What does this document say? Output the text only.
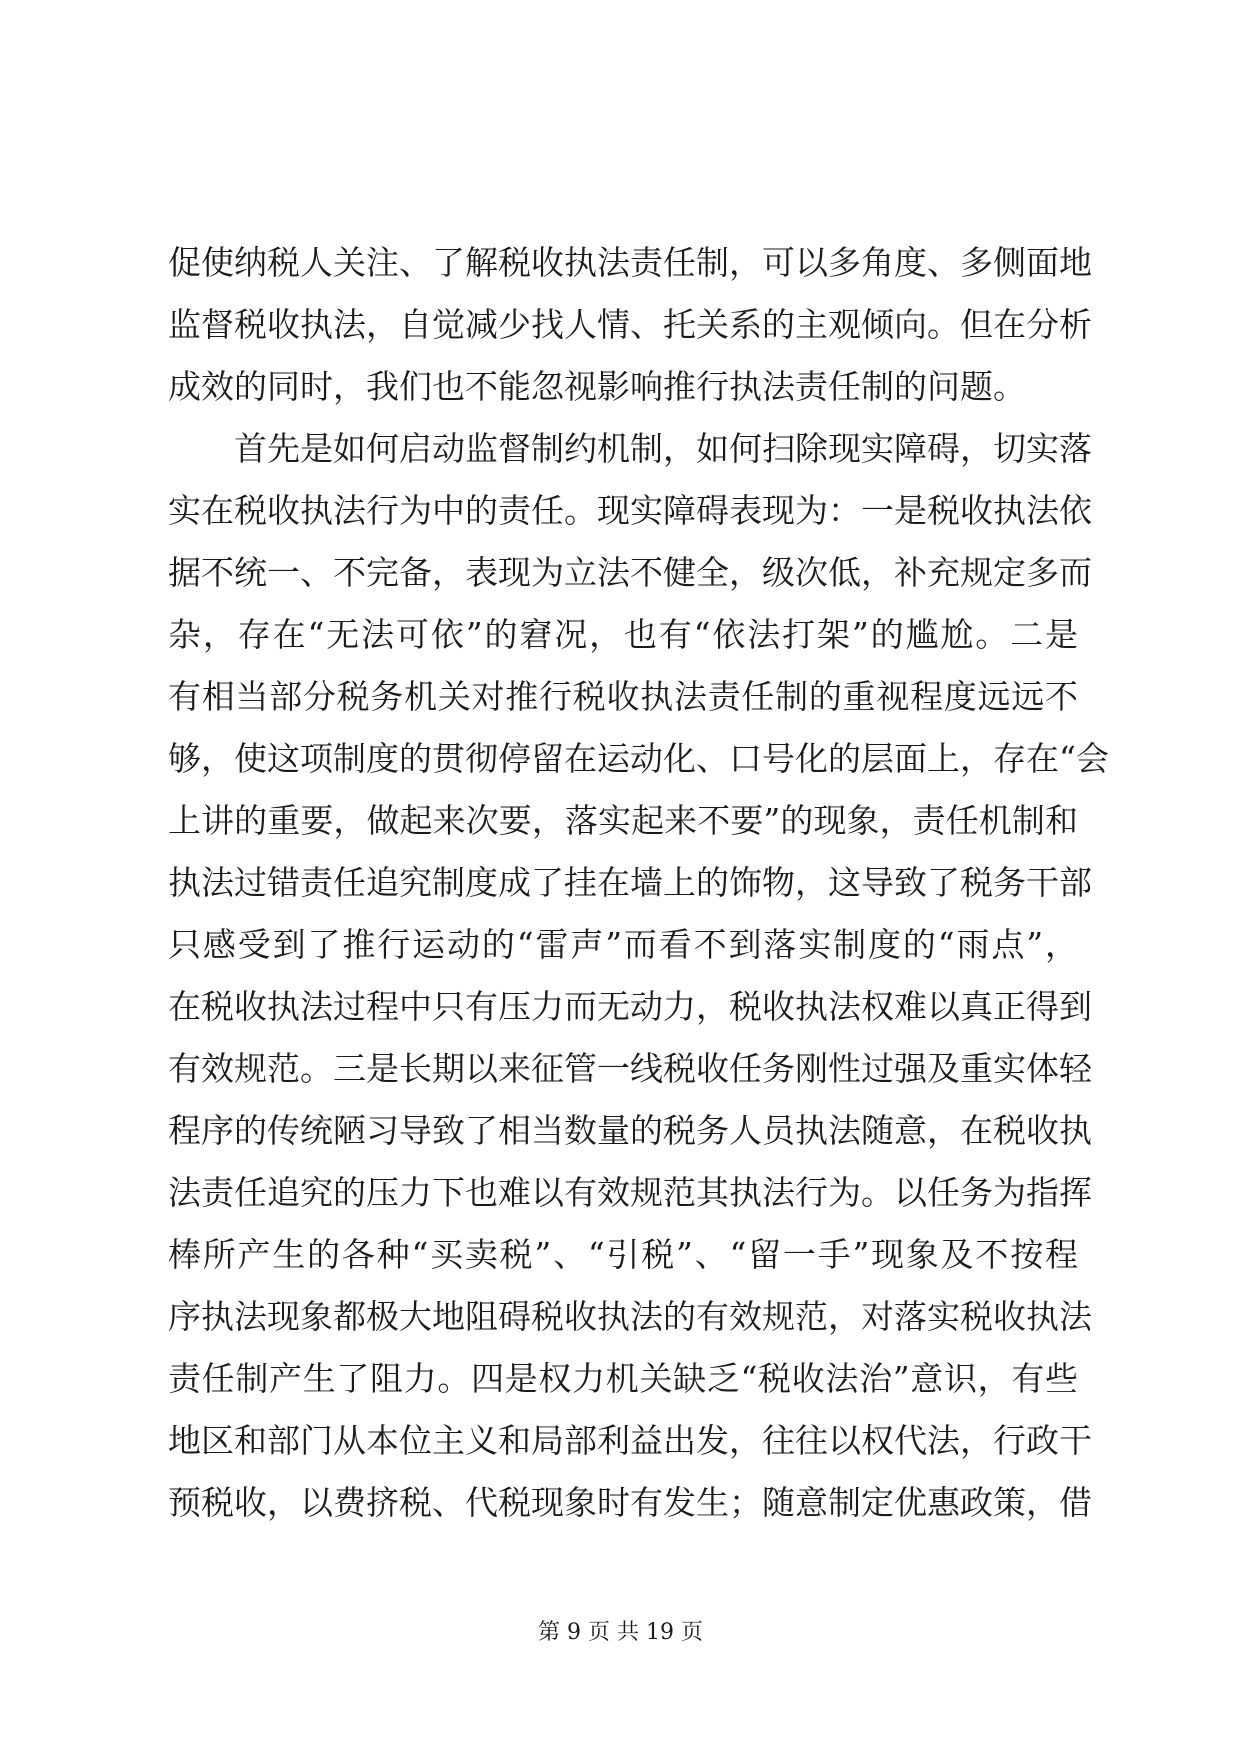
促使纳税人关注、了解税收执法责任制，可以多角度、多侧面地
监督税收执法，自觉减少找人情、托关系的主观倾向。但在分析
成效的同时，我们也不能忽视影响推行执法责任制的问题。
首先是如何启动监督制约机制，如何扫除现实障碍，切实落
实在税收执法行为中的责任。现实障碍表现为：一是税收执法依
据不统一、不完备，表现为立法不健全，级次低，补充规定多而
杂，存在“无法可依”的窘况，也有“依法打架”的尴尬。二是
有相当部分税务机关对推行税收执法责任制的重视程度远远不
够，使这项制度的贯彻停留在运动化、口号化的层面上，存在“会
上讲的重要，做起来次要，落实起来不要”的现象，责任机制和
执法过错责任追究制度成了挂在墙上的饰物，这导致了税务干部
只感受到了推行运动的“雷声”而看不到落实制度的“雨点”，
在税收执法过程中只有压力而无动力，税收执法权难以真正得到
有效规范。三是长期以来征管一线税收任务刚性过强及重实体轻
程序的传统陋习导致了相当数量的税务人员执法随意，在税收执
法责任追究的压力下也难以有效规范其执法行为。以任务为指挥
棒所产生的各种“买卖税”、“引税”、“留一手”现象及不按程
序执法现象都极大地阻碍税收执法的有效规范，对落实税收执法
责任制产生了阻力。四是权力机关缺乏“税收法治”意识，有些
地区和部门从本位主义和局部利益出发，往往以权代法，行政干
预税收，以费挤税、代税现象时有发生；随意制定优惠政策，借
第 9 页 共 19 页
